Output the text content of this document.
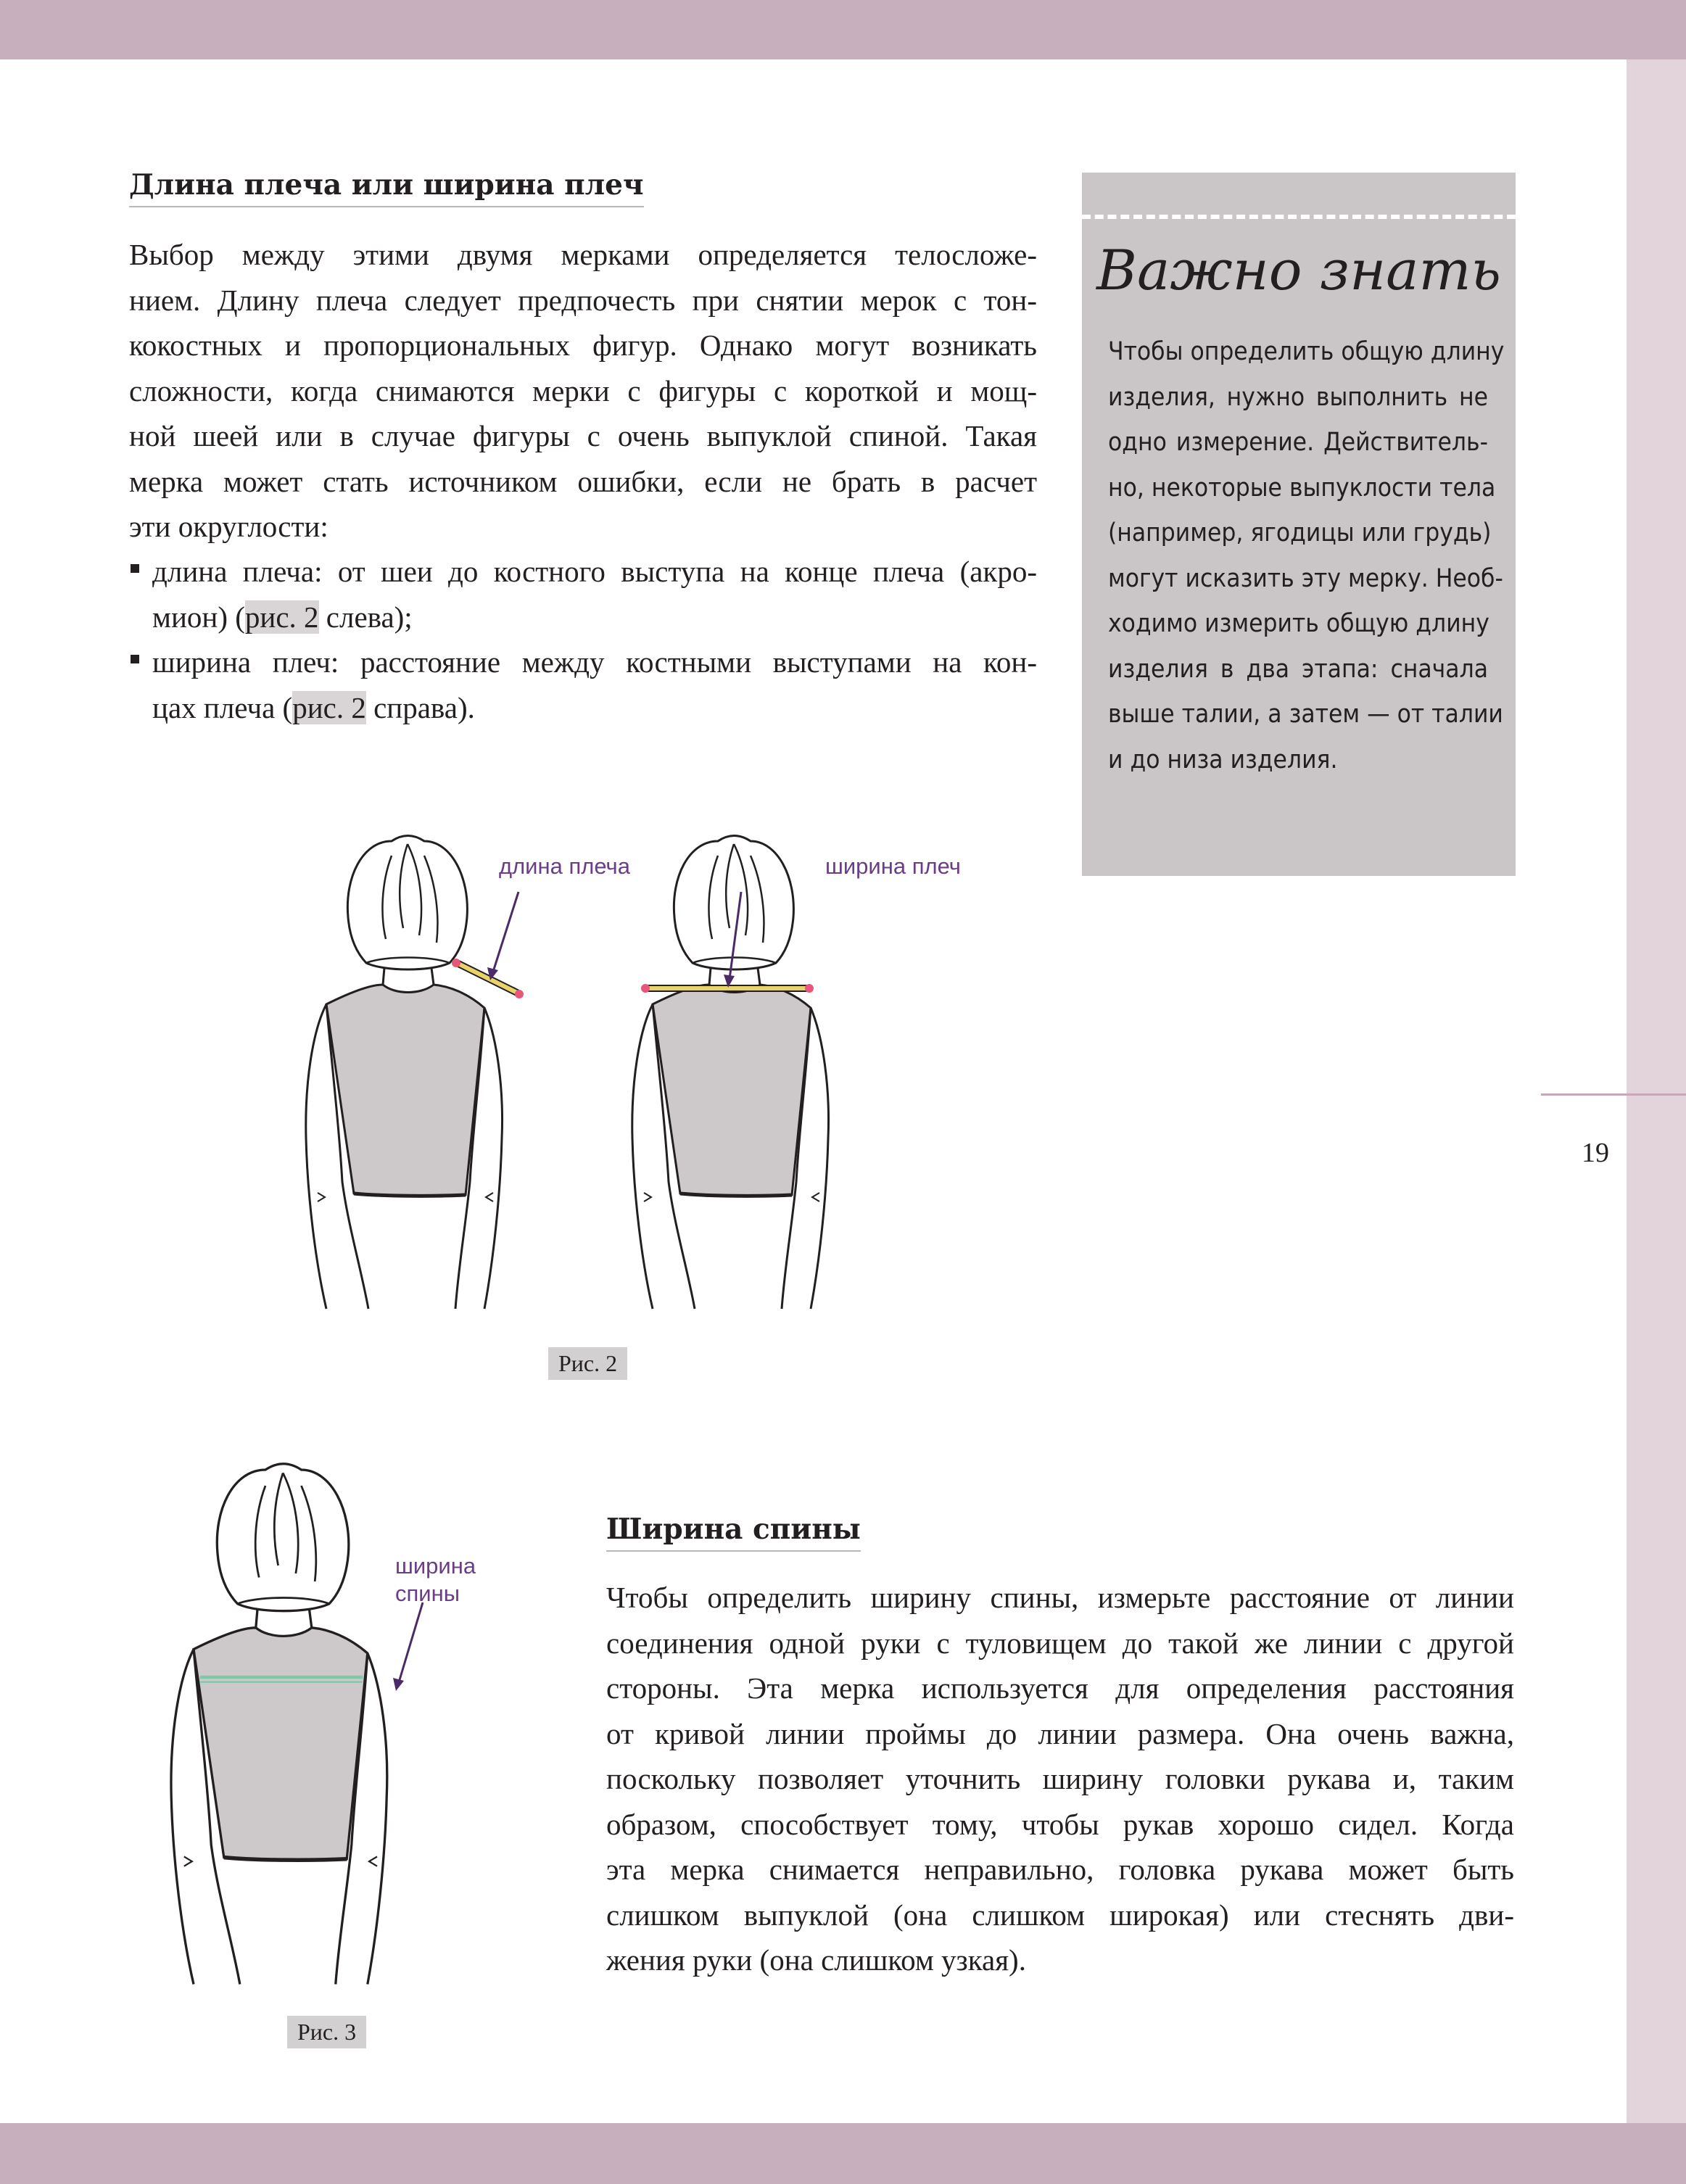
19
Длина плеча или ширина плеч
Выбор между этими двумя мерками определяется телосложе-
нием. Длину плеча следует предпочесть при снятии мерок с тон-
кокостных и пропорциональных фигур. Однако могут возникать
сложности, когда снимаются мерки с фигуры с короткой и мощ-
ной шеей или в случае фигуры с очень выпуклой спиной. Такая
мерка может стать источником ошибки, если не брать в расчет
эти округлости:
длина плеча: от шеи до костного выступа на конце плеча (акро-
мион) (рис. 2 слева);
ширина плеч: расстояние между костными выступами на кон-
цах плеча (рис. 2 справа).
Важно знать
Чтобы определить общую длину
изделия, нужно выполнить не
одно измерение. Действитель-
но, некоторые выпуклости тела
(например, ягодицы или грудь)
могут исказить эту мерку. Необ-
ходимо измерить общую длину
изделия в два этапа: сначала
выше талии, а затем — от талии
и до низа изделия.
длина плеча	ширина плеч
Рис. 2
ширина
спины
Рис. 3
Ширина спины
Чтобы определить ширину спины, измерьте расстояние от линии
соединения одной руки с туловищем до такой же линии с другой
стороны. Эта мерка используется для определения расстояния
от кривой линии проймы до линии размера. Она очень важна,
поскольку позволяет уточнить ширину головки рукава и, таким
образом, способствует тому, чтобы рукав хорошо сидел. Когда
эта мерка снимается неправильно, головка рукава может быть
слишком выпуклой (она слишком широкая) или стеснять дви-
жения руки (она слишком узкая).
